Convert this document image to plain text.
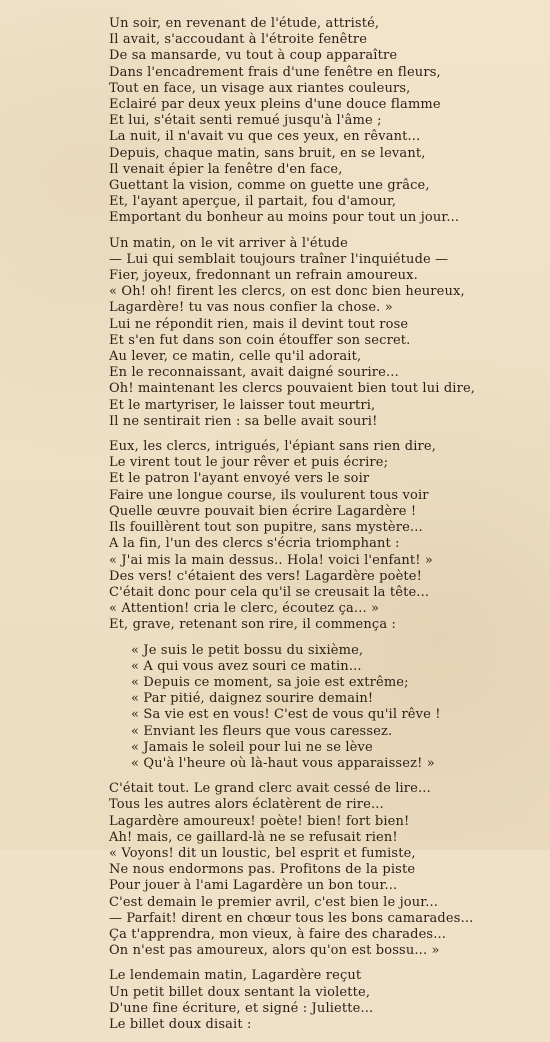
Un soir, en revenant de l'étude, attristé,
Il avait, s'accoudant à l'étroite fenêtre
De sa mansarde, vu tout à coup apparaître
Dans l'encadrement frais d'une fenêtre en fleurs,
Tout en face, un visage aux riantes couleurs,
Eclairé par deux yeux pleins d'une douce flamme
Et lui, s'était senti remué jusqu'à l'âme ;
La nuit, il n'avait vu que ces yeux, en rêvant...
Depuis, chaque matin, sans bruit, en se levant,
Il venait épier la fenêtre d'en face,
Guettant la vision, comme on guette une grâce,
Et, l'ayant aperçue, il partait, fou d'amour,
Emportant du bonheur au moins pour tout un jour...
Un matin, on le vit arriver à l'étude
— Lui qui semblait toujours traîner l'inquiétude —
Fier, joyeux, fredonnant un refrain amoureux.
« Oh! oh! firent les clercs, on est donc bien heureux,
Lagardère! tu vas nous confier la chose. »
Lui ne répondit rien, mais il devint tout rose
Et s'en fut dans son coin étouffer son secret.
Au lever, ce matin, celle qu'il adorait,
En le reconnaissant, avait daigné sourire...
Oh! maintenant les clercs pouvaient bien tout lui dire,
Et le martyriser, le laisser tout meurtri,
Il ne sentirait rien : sa belle avait souri!
Eux, les clercs, intrigués, l'épiant sans rien dire,
Le virent tout le jour rêver et puis écrire;
Et le patron l'ayant envoyé vers le soir
Faire une longue course, ils voulurent tous voir
Quelle œuvre pouvait bien écrire Lagardère !
Ils fouillèrent tout son pupitre, sans mystère...
A la fin, l'un des clercs s'écria triomphant :
« J'ai mis la main dessus.. Hola! voici l'enfant! »
Des vers! c'étaient des vers! Lagardère poète!
C'était donc pour cela qu'il se creusait la tête...
« Attention! cria le clerc, écoutez ça... »
Et, grave, retenant son rire, il commença :
« Je suis le petit bossu du sixième,
« A qui vous avez souri ce matin...
« Depuis ce moment, sa joie est extrême;
« Par pitié, daignez sourire demain!
« Sa vie est en vous! C'est de vous qu'il rêve !
« Enviant les fleurs que vous caressez.
« Jamais le soleil pour lui ne se lève
« Qu'à l'heure où là-haut vous apparaissez! »
C'était tout. Le grand clerc avait cessé de lire...
Tous les autres alors éclatèrent de rire...
Lagardère amoureux! poète! bien! fort bien!
Ah! mais, ce gaillard-là ne se refusait rien!
« Voyons! dit un loustic, bel esprit et fumiste,
Ne nous endormons pas. Profitons de la piste
Pour jouer à l'ami Lagardère un bon tour...
C'est demain le premier avril, c'est bien le jour...
— Parfait! dirent en chœur tous les bons camarades...
Ça t'apprendra, mon vieux, à faire des charades...
On n'est pas amoureux, alors qu'on est bossu... »
Le lendemain matin, Lagardère reçut
Un petit billet doux sentant la violette,
D'une fine écriture, et signé : Juliette...
Le billet doux disait :
